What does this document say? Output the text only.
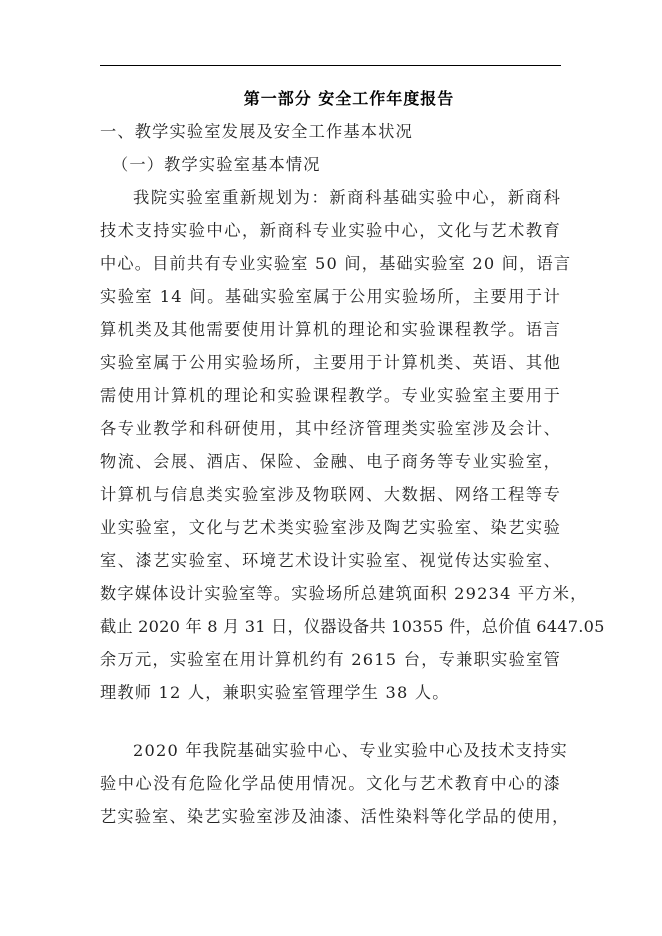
第一部分 安全工作年度报告
一、教学实验室发展及安全工作基本状况
（一）教学实验室基本情况
我院实验室重新规划为：新商科基础实验中心，新商科
技术支持实验中心，新商科专业实验中心，文化与艺术教育
中心。目前共有专业实验室 50 间，基础实验室 20 间，语言
实验室 14 间。基础实验室属于公用实验场所，主要用于计
算机类及其他需要使用计算机的理论和实验课程教学。语言
实验室属于公用实验场所，主要用于计算机类、英语、其他
需使用计算机的理论和实验课程教学。专业实验室主要用于
各专业教学和科研使用，其中经济管理类实验室涉及会计、
物流、会展、酒店、保险、金融、电子商务等专业实验室，
计算机与信息类实验室涉及物联网、大数据、网络工程等专
业实验室，文化与艺术类实验室涉及陶艺实验室、染艺实验
室、漆艺实验室、环境艺术设计实验室、视觉传达实验室、
数字媒体设计实验室等。实验场所总建筑面积 29234 平方米，
截止 2020 年 8 月 31 日，仪器设备共 10355 件，总价值 6447.05
余万元，实验室在用计算机约有 2615 台，专兼职实验室管
理教师 12 人，兼职实验室管理学生 38 人。
2020 年我院基础实验中心、专业实验中心及技术支持实
验中心没有危险化学品使用情况。文化与艺术教育中心的漆
艺实验室、染艺实验室涉及油漆、活性染料等化学品的使用，
